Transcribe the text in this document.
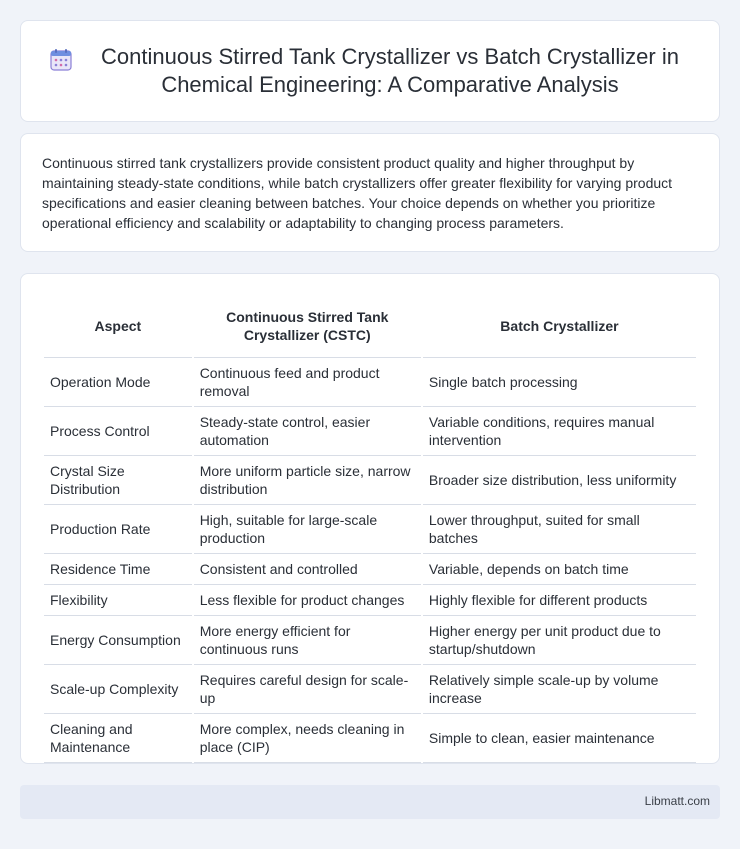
Continuous Stirred Tank Crystallizer vs Batch Crystallizer in Chemical Engineering: A Comparative Analysis

Continuous stirred tank crystallizers provide consistent product quality and higher throughput by maintaining steady-state conditions, while batch crystallizers offer greater flexibility for varying product specifications and easier cleaning between batches. Your choice depends on whether you prioritize operational efficiency and scalability or adaptability to changing process parameters.

Aspect	Continuous Stirred Tank Crystallizer (CSTC)	Batch Crystallizer
Operation Mode	Continuous feed and product removal	Single batch processing
Process Control	Steady-state control, easier automation	Variable conditions, requires manual intervention
Crystal Size Distribution	More uniform particle size, narrow distribution	Broader size distribution, less uniformity
Production Rate	High, suitable for large-scale production	Lower throughput, suited for small batches
Residence Time	Consistent and controlled	Variable, depends on batch time
Flexibility	Less flexible for product changes	Highly flexible for different products
Energy Consumption	More energy efficient for continuous runs	Higher energy per unit product due to startup/shutdown
Scale-up Complexity	Requires careful design for scale-up	Relatively simple scale-up by volume increase
Cleaning and Maintenance	More complex, needs cleaning in place (CIP)	Simple to clean, easier maintenance
Libmatt.com
